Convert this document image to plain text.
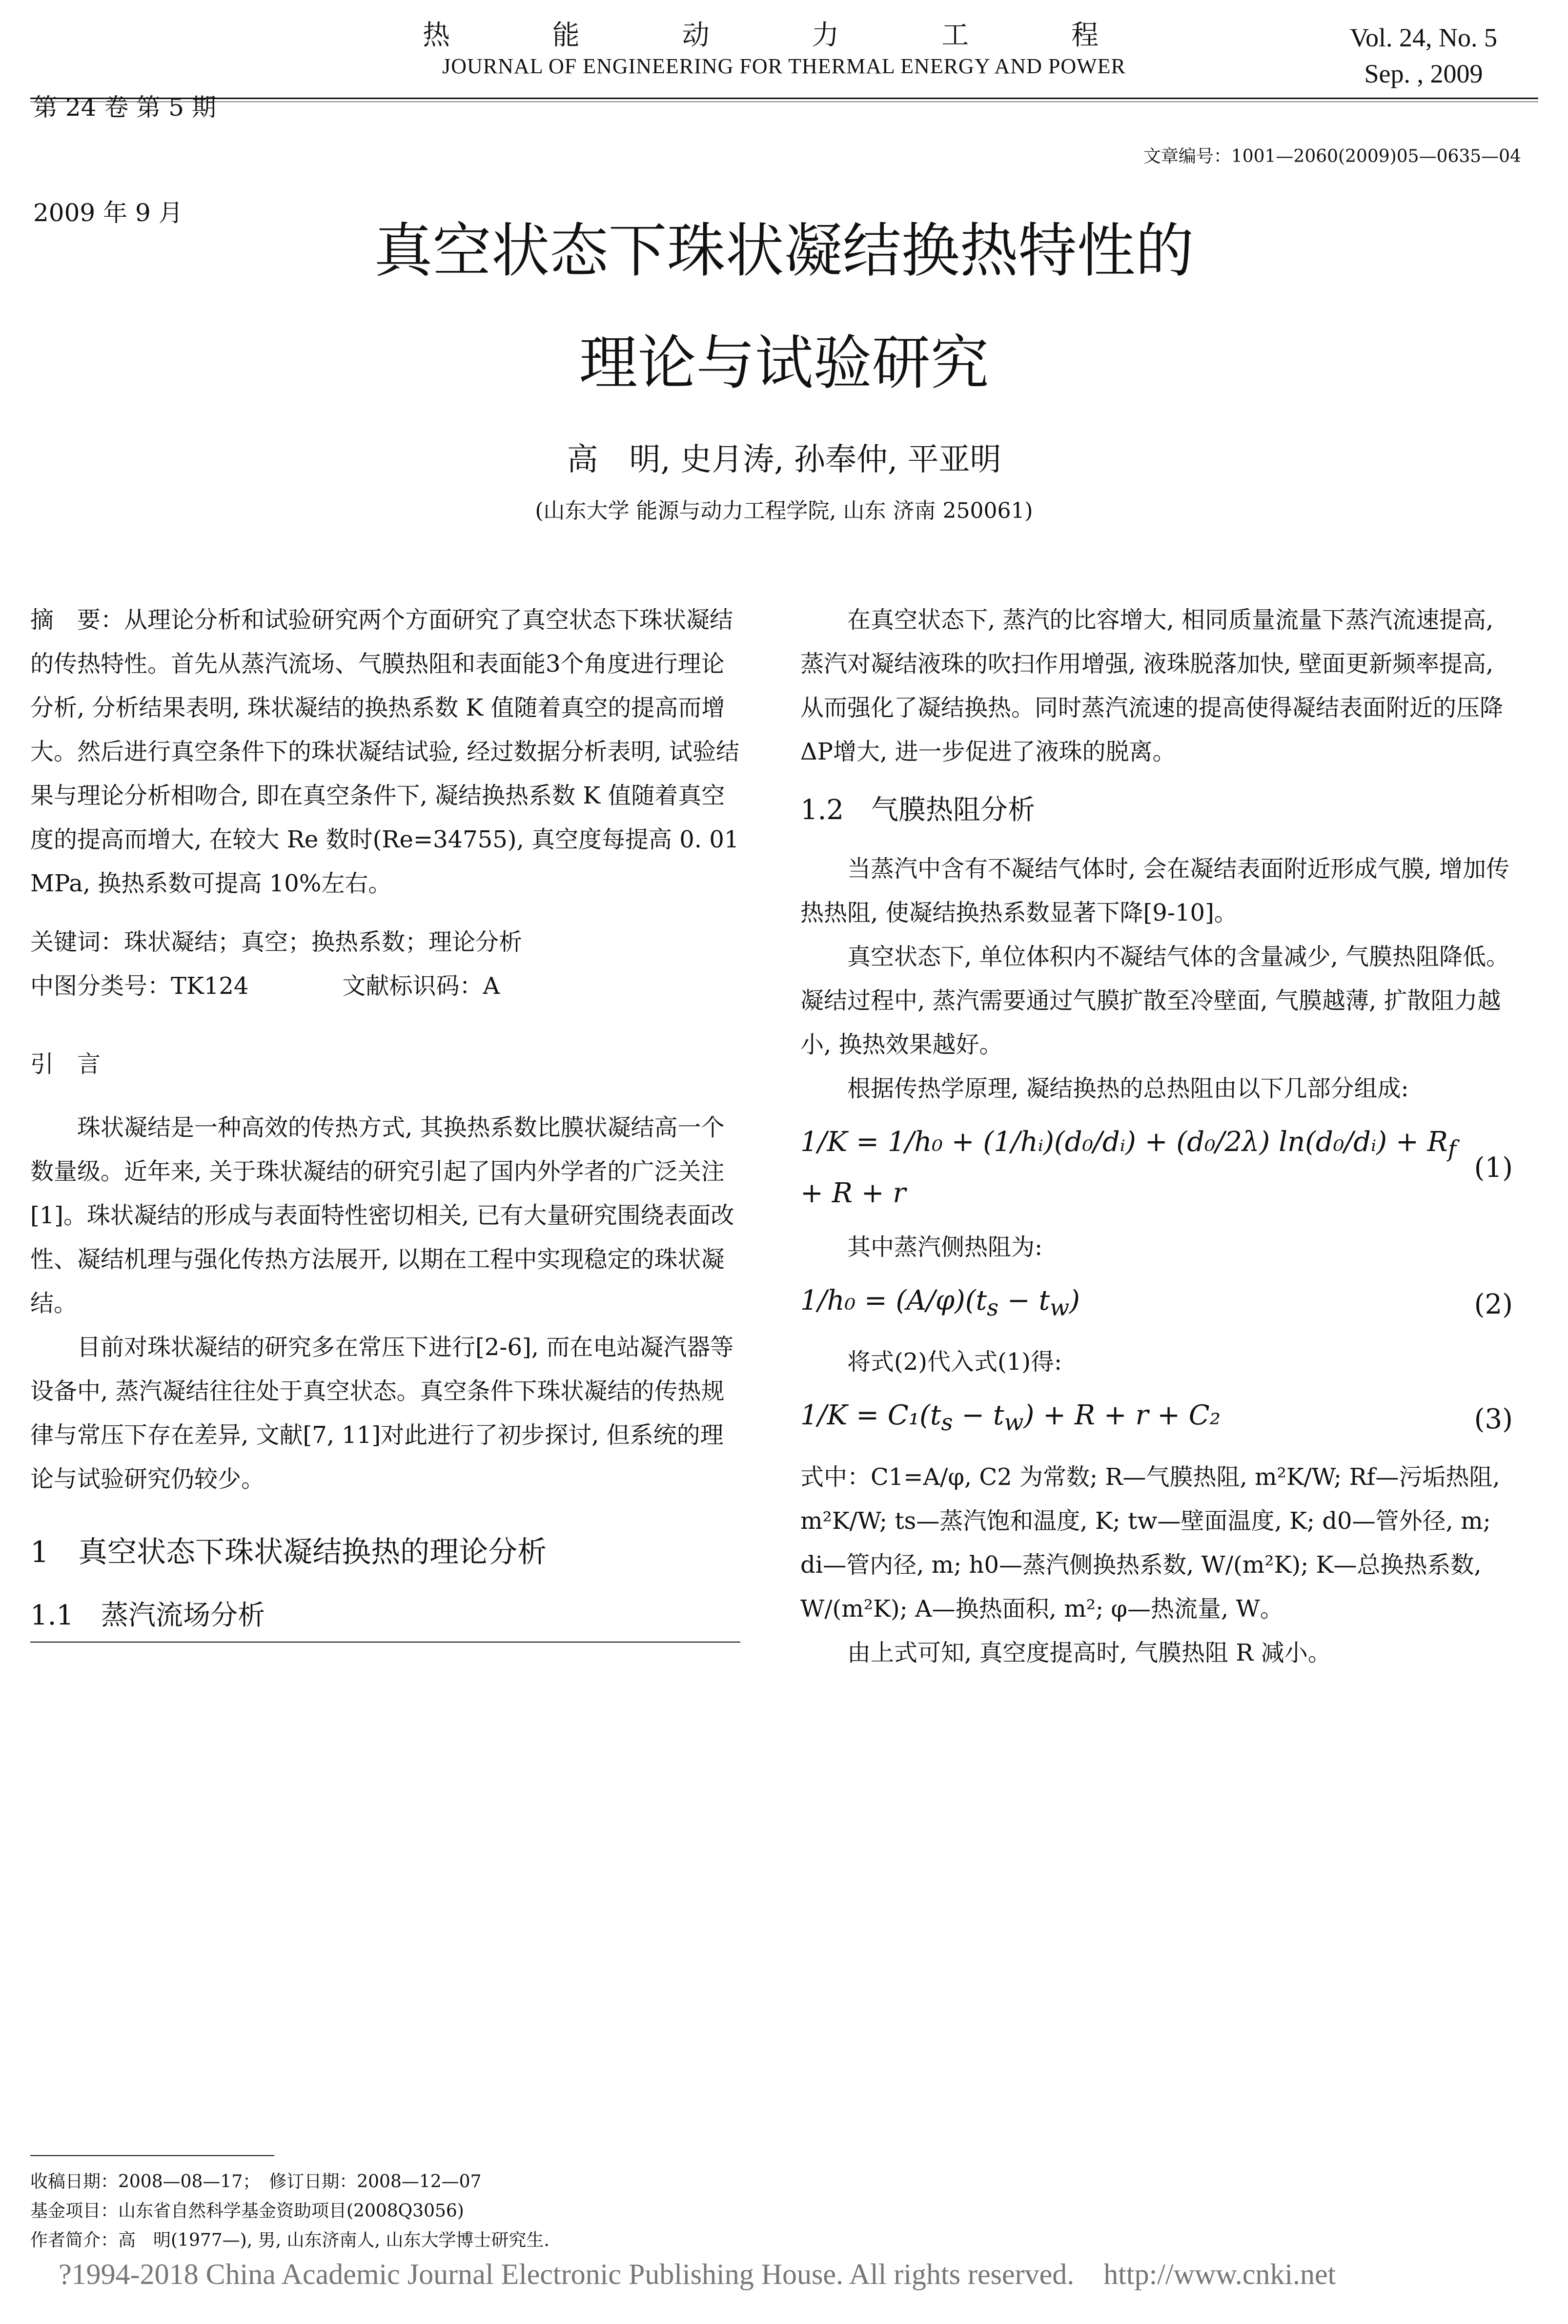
第 24 卷 第 5 期

2009 年 9 月

热 能 动 力 工 程
JOURNAL OF ENGINEERING FOR THERMAL ENERGY AND POWER
Vol. 24, No. 5
Sep. , 2009
文章编号：1001—2060(2009)05—0635—04
真空状态下珠状凝结换热特性的
理论与试验研究
高　明, 史月涛, 孙奉仲, 平亚明
(山东大学 能源与动力工程学院, 山东 济南 250061)

摘　要：从理论分析和试验研究两个方面研究了真空状态下珠状凝结的传热特性。首先从蒸汽流场、气膜热阻和表面能3个角度进行理论分析, 分析结果表明, 珠状凝结的换热系数 K 值随着真空的提高而增大。然后进行真空条件下的珠状凝结试验, 经过数据分析表明, 试验结果与理论分析相吻合, 即在真空条件下, 凝结换热系数 K 值随着真空度的提高而增大, 在较大 Re 数时(Re=34755), 真空度每提高 0. 01 MPa, 换热系数可提高 10%左右。

关键词：珠状凝结；真空；换热系数；理论分析

中图分类号：TK124　　　　文献标识码：A

引　言

珠状凝结是一种高效的传热方式, 其换热系数比膜状凝结高一个数量级。近年来, 关于珠状凝结的研究引起了国内外学者的广泛关注[1]。珠状凝结的形成与表面特性密切相关, 已有大量研究围绕表面改性、凝结机理与强化传热方法展开, 以期在工程中实现稳定的珠状凝结。

目前对珠状凝结的研究多在常压下进行[2-6], 而在电站凝汽器等设备中, 蒸汽凝结往往处于真空状态。真空条件下珠状凝结的传热规律与常压下存在差异, 文献[7, 11]对此进行了初步探讨, 但系统的理论与试验研究仍较少。

1　真空状态下珠状凝结换热的理论分析
1.1　蒸汽流场分析

在真空状态下, 蒸汽的比容增大, 相同质量流量下蒸汽流速提高, 蒸汽对凝结液珠的吹扫作用增强, 液珠脱落加快, 壁面更新频率提高, 从而强化了凝结换热。同时蒸汽流速的提高使得凝结表面附近的压降ΔP增大, 进一步促进了液珠的脱离。

1.2　气膜热阻分析

当蒸汽中含有不凝结气体时, 会在凝结表面附近形成气膜, 增加传热热阻, 使凝结换热系数显著下降[9-10]。

真空状态下, 单位体积内不凝结气体的含量减少, 气膜热阻降低。凝结过程中, 蒸汽需要通过气膜扩散至冷壁面, 气膜越薄, 扩散阻力越小, 换热效果越好。

根据传热学原理, 凝结换热的总热阻由以下几部分组成:

1/K = 1/h₀ + (1/hᵢ)(d₀/dᵢ) + (d₀/2λ) ln(d₀/dᵢ) + $R_f + R + r$
(1)

其中蒸汽侧热阻为:

$1/h_0 = (A/\varphi)(t_s - t_w)$	(2)

将式(2)代入式(1)得:

$1/K = C_1(t_s - t_w) + R + r + C_2$	(3)

式中：C1=A/φ, C2 为常数; R—气膜热阻, m²K/W; Rf—污垢热阻, m²K/W; ts—蒸汽饱和温度, K; tw—壁面温度, K; d0—管外径, m; di—管内径, m; h0—蒸汽侧换热系数, W/(m²K); K—总换热系数, W/(m²K); A—换热面积, m²; φ—热流量, W。

由上式可知, 真空度提高时, 气膜热阻 R 减小。

收稿日期：2008—08—17；　修订日期：2008—12—07
基金项目：山东省自然科学基金资助项目(2008Q3056)
作者简介：高　明(1977—), 男, 山东济南人, 山东大学博士研究生.
?1994-2018 China Academic Journal Electronic Publishing House. All rights reserved.    http://www.cnki.net
